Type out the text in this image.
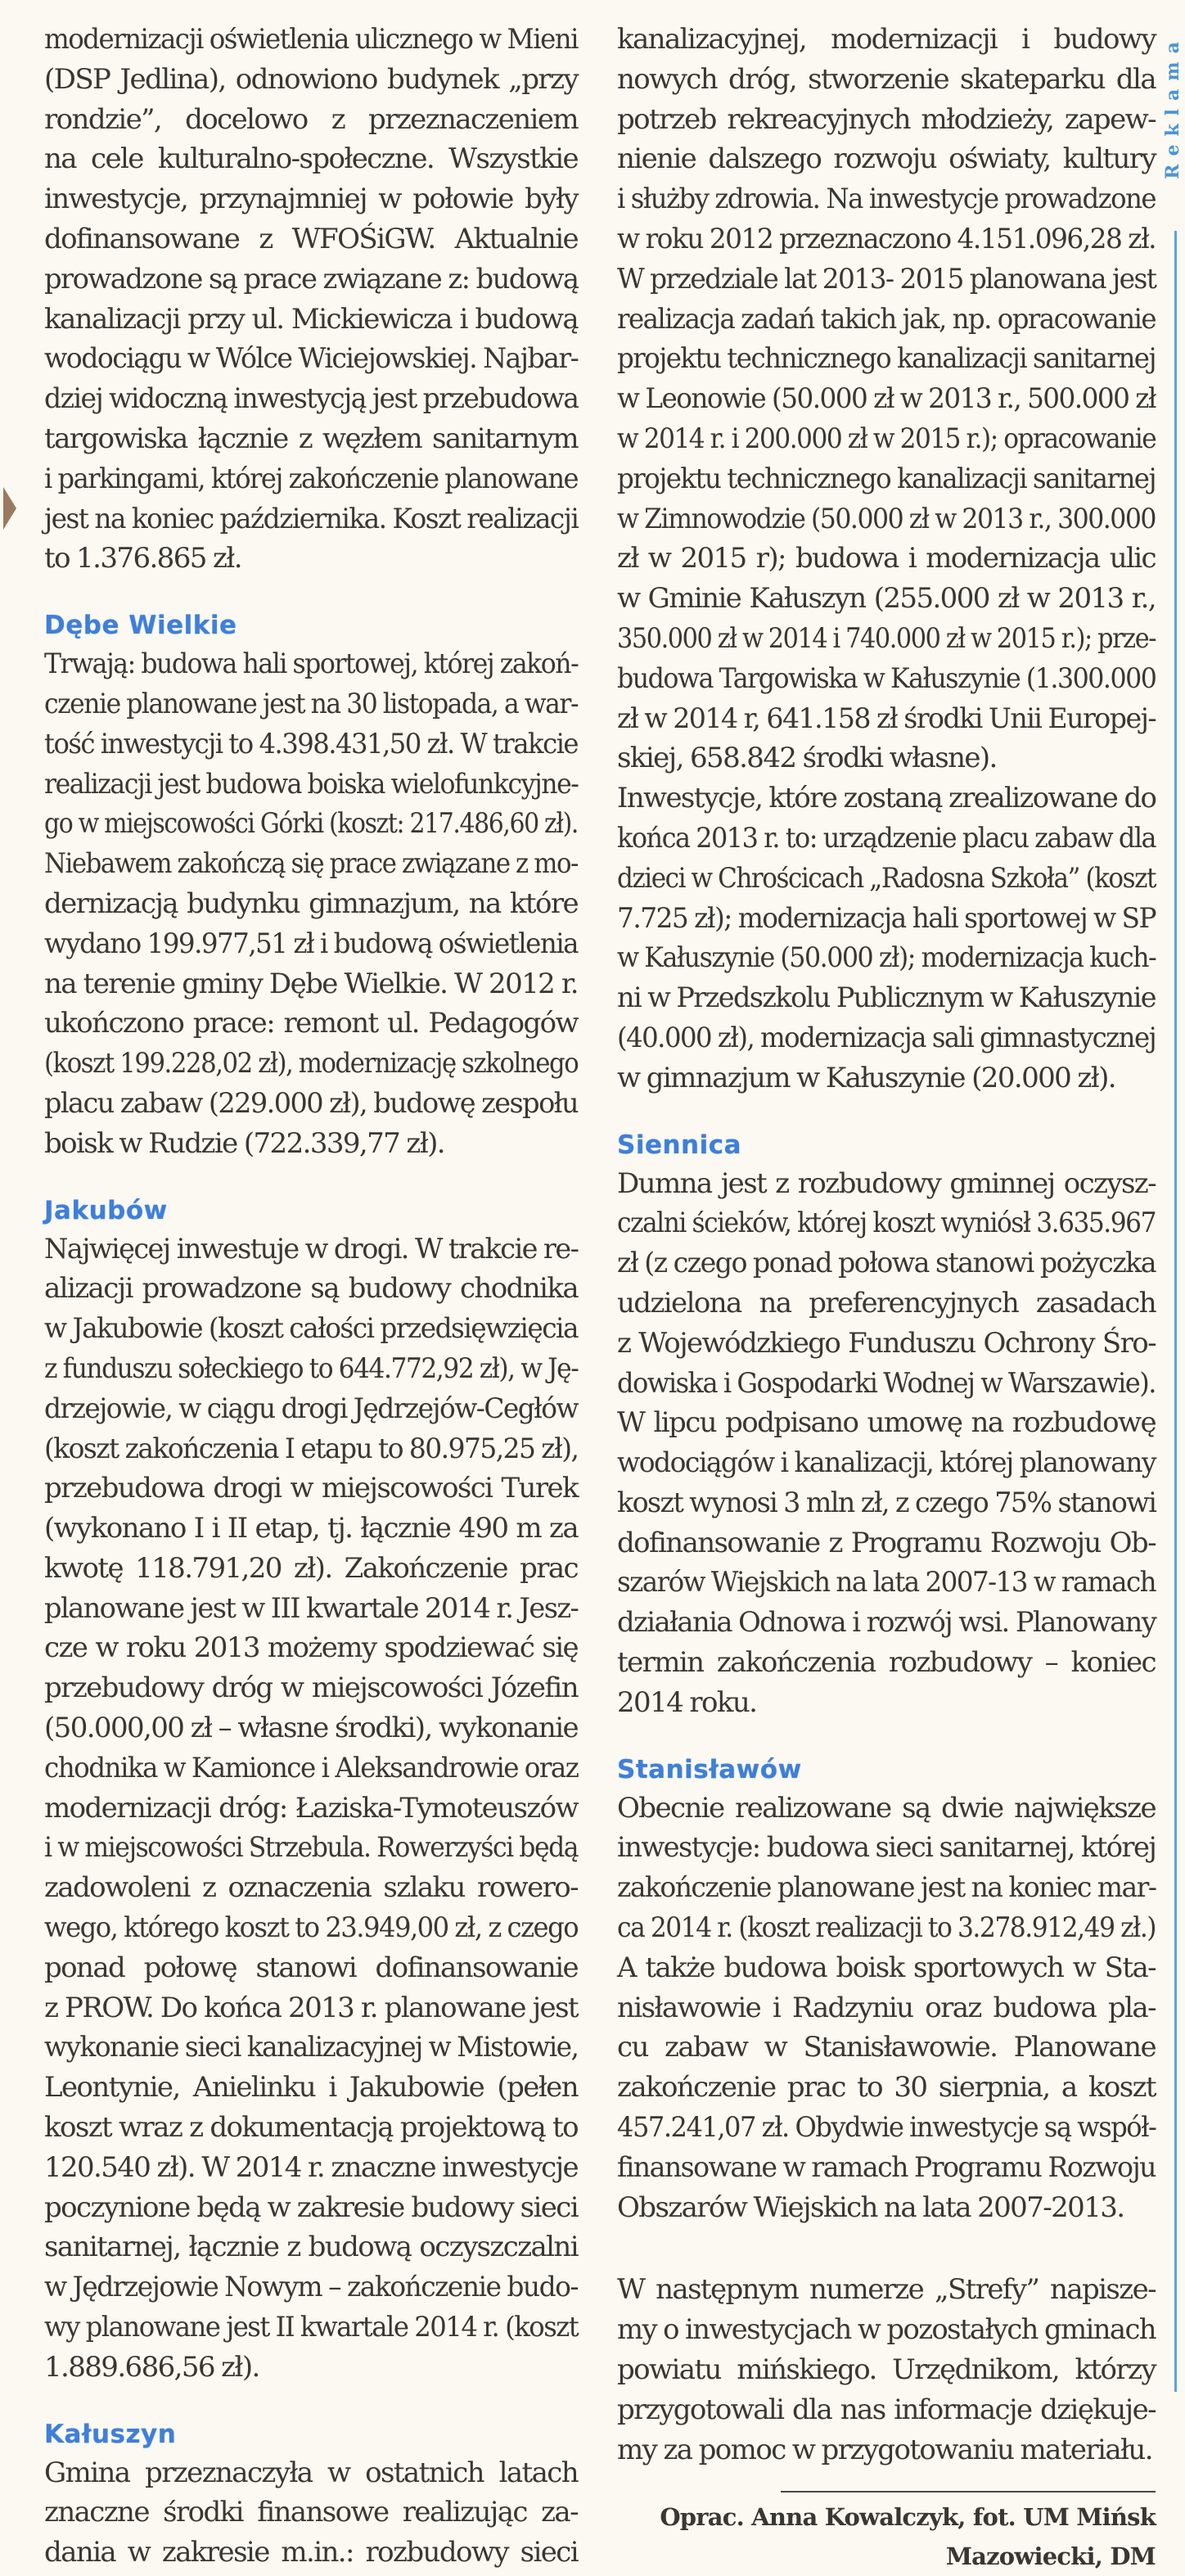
Reklama
modernizacji oświetlenia ulicznego w Mieni
(DSP Jedlina), odnowiono budynek „przy
rondzie”, docelowo z przeznaczeniem
na cele kulturalno-społeczne. Wszystkie
inwestycje, przynajmniej w połowie były
dofinansowane z WFOŚiGW. Aktualnie
prowadzone są prace związane z: budową
kanalizacji przy ul. Mickiewicza i budową
wodociągu w Wólce Wiciejowskiej. Najbar-
dziej widoczną inwestycją jest przebudowa
targowiska łącznie z węzłem sanitarnym
i parkingami, której zakończenie planowane
jest na koniec października. Koszt realizacji
to 1.376.865 zł.
Dębe Wielkie
Trwają: budowa hali sportowej, której zakoń-
czenie planowane jest na 30 listopada, a war-
tość inwestycji to 4.398.431,50 zł. W trakcie
realizacji jest budowa boiska wielofunkcyjne-
go w miejscowości Górki (koszt: 217.486,60 zł).
Niebawem zakończą się prace związane z mo-
dernizacją budynku gimnazjum, na które
wydano 199.977,51 zł i budową oświetlenia
na terenie gminy Dębe Wielkie. W 2012 r.
ukończono prace: remont ul. Pedagogów
(koszt 199.228,02 zł), modernizację szkolnego
placu zabaw (229.000 zł), budowę zespołu
boisk w Rudzie (722.339,77 zł).
Jakubów
Najwięcej inwestuje w drogi. W trakcie re-
alizacji prowadzone są budowy chodnika
w Jakubowie (koszt całości przedsięwzięcia
z funduszu sołeckiego to 644.772,92 zł), w Ję-
drzejowie, w ciągu drogi Jędrzejów-Cegłów
(koszt zakończenia I etapu to 80.975,25 zł),
przebudowa drogi w miejscowości Turek
(wykonano I i II etap, tj. łącznie 490 m za
kwotę 118.791,20 zł). Zakończenie prac
planowane jest w III kwartale 2014 r. Jesz-
cze w roku 2013 możemy spodziewać się
przebudowy dróg w miejscowości Józefin
(50.000,00 zł – własne środki), wykonanie
chodnika w Kamionce i Aleksandrowie oraz
modernizacji dróg: Łaziska-Tymoteuszów
i w miejscowości Strzebula. Rowerzyści będą
zadowoleni z oznaczenia szlaku rowero-
wego, którego koszt to 23.949,00 zł, z czego
ponad połowę stanowi dofinansowanie
z PROW. Do końca 2013 r. planowane jest
wykonanie sieci kanalizacyjnej w Mistowie,
Leontynie, Anielinku i Jakubowie (pełen
koszt wraz z dokumentacją projektową to
120.540 zł). W 2014 r. znaczne inwestycje
poczynione będą w zakresie budowy sieci
sanitarnej, łącznie z budową oczyszczalni
w Jędrzejowie Nowym – zakończenie budo-
wy planowane jest II kwartale 2014 r. (koszt
1.889.686,56 zł).
Kałuszyn
Gmina przeznaczyła w ostatnich latach
znaczne środki finansowe realizując za-
dania w zakresie m.in.: rozbudowy sieci
kanalizacyjnej, modernizacji i budowy
nowych dróg, stworzenie skateparku dla
potrzeb rekreacyjnych młodzieży, zapew-
nienie dalszego rozwoju oświaty, kultury
i służby zdrowia. Na inwestycje prowadzone
w roku 2012 przeznaczono 4.151.096,28 zł.
W przedziale lat 2013- 2015 planowana jest
realizacja zadań takich jak, np. opracowanie
projektu technicznego kanalizacji sanitarnej
w Leonowie (50.000 zł w 2013 r., 500.000 zł
w 2014 r. i 200.000 zł w 2015 r.); opracowanie
projektu technicznego kanalizacji sanitarnej
w Zimnowodzie (50.000 zł w 2013 r., 300.000
zł w 2015 r); budowa i modernizacja ulic
w Gminie Kałuszyn (255.000 zł w 2013 r.,
350.000 zł w 2014 i 740.000 zł w 2015 r.); prze-
budowa Targowiska w Kałuszynie (1.300.000
zł w 2014 r, 641.158 zł środki Unii Europej-
skiej, 658.842 środki własne).
Inwestycje, które zostaną zrealizowane do
końca 2013 r. to: urządzenie placu zabaw dla
dzieci w Chrościcach „Radosna Szkoła” (koszt
7.725 zł); modernizacja hali sportowej w SP
w Kałuszynie (50.000 zł); modernizacja kuch-
ni w Przedszkolu Publicznym w Kałuszynie
(40.000 zł), modernizacja sali gimnastycznej
w gimnazjum w Kałuszynie (20.000 zł).
Siennica
Dumna jest z rozbudowy gminnej oczysz-
czalni ścieków, której koszt wyniósł 3.635.967
zł (z czego ponad połowa stanowi pożyczka
udzielona na preferencyjnych zasadach
z Wojewódzkiego Funduszu Ochrony Śro-
dowiska i Gospodarki Wodnej w Warszawie).
W lipcu podpisano umowę na rozbudowę
wodociągów i kanalizacji, której planowany
koszt wynosi 3 mln zł, z czego 75% stanowi
dofinansowanie z Programu Rozwoju Ob-
szarów Wiejskich na lata 2007-13 w ramach
działania Odnowa i rozwój wsi. Planowany
termin zakończenia rozbudowy – koniec
2014 roku.
Stanisławów
Obecnie realizowane są dwie największe
inwestycje: budowa sieci sanitarnej, której
zakończenie planowane jest na koniec mar-
ca 2014 r. (koszt realizacji to 3.278.912,49 zł.)
A także budowa boisk sportowych w Sta-
nisławowie i Radzyniu oraz budowa pla-
cu zabaw w Stanisławowie. Planowane
zakończenie prac to 30 sierpnia, a koszt
457.241,07 zł. Obydwie inwestycje są współ-
finansowane w ramach Programu Rozwoju
Obszarów Wiejskich na lata 2007-2013.
W następnym numerze „Strefy” napisze-
my o inwestycjach w pozostałych gminach
powiatu mińskiego. Urzędnikom, którzy
przygotowali dla nas informacje dziękuje-
my za pomoc w przygotowaniu materiału.
Oprac. Anna Kowalczyk, fot. UM Mińsk
Mazowiecki, DM
